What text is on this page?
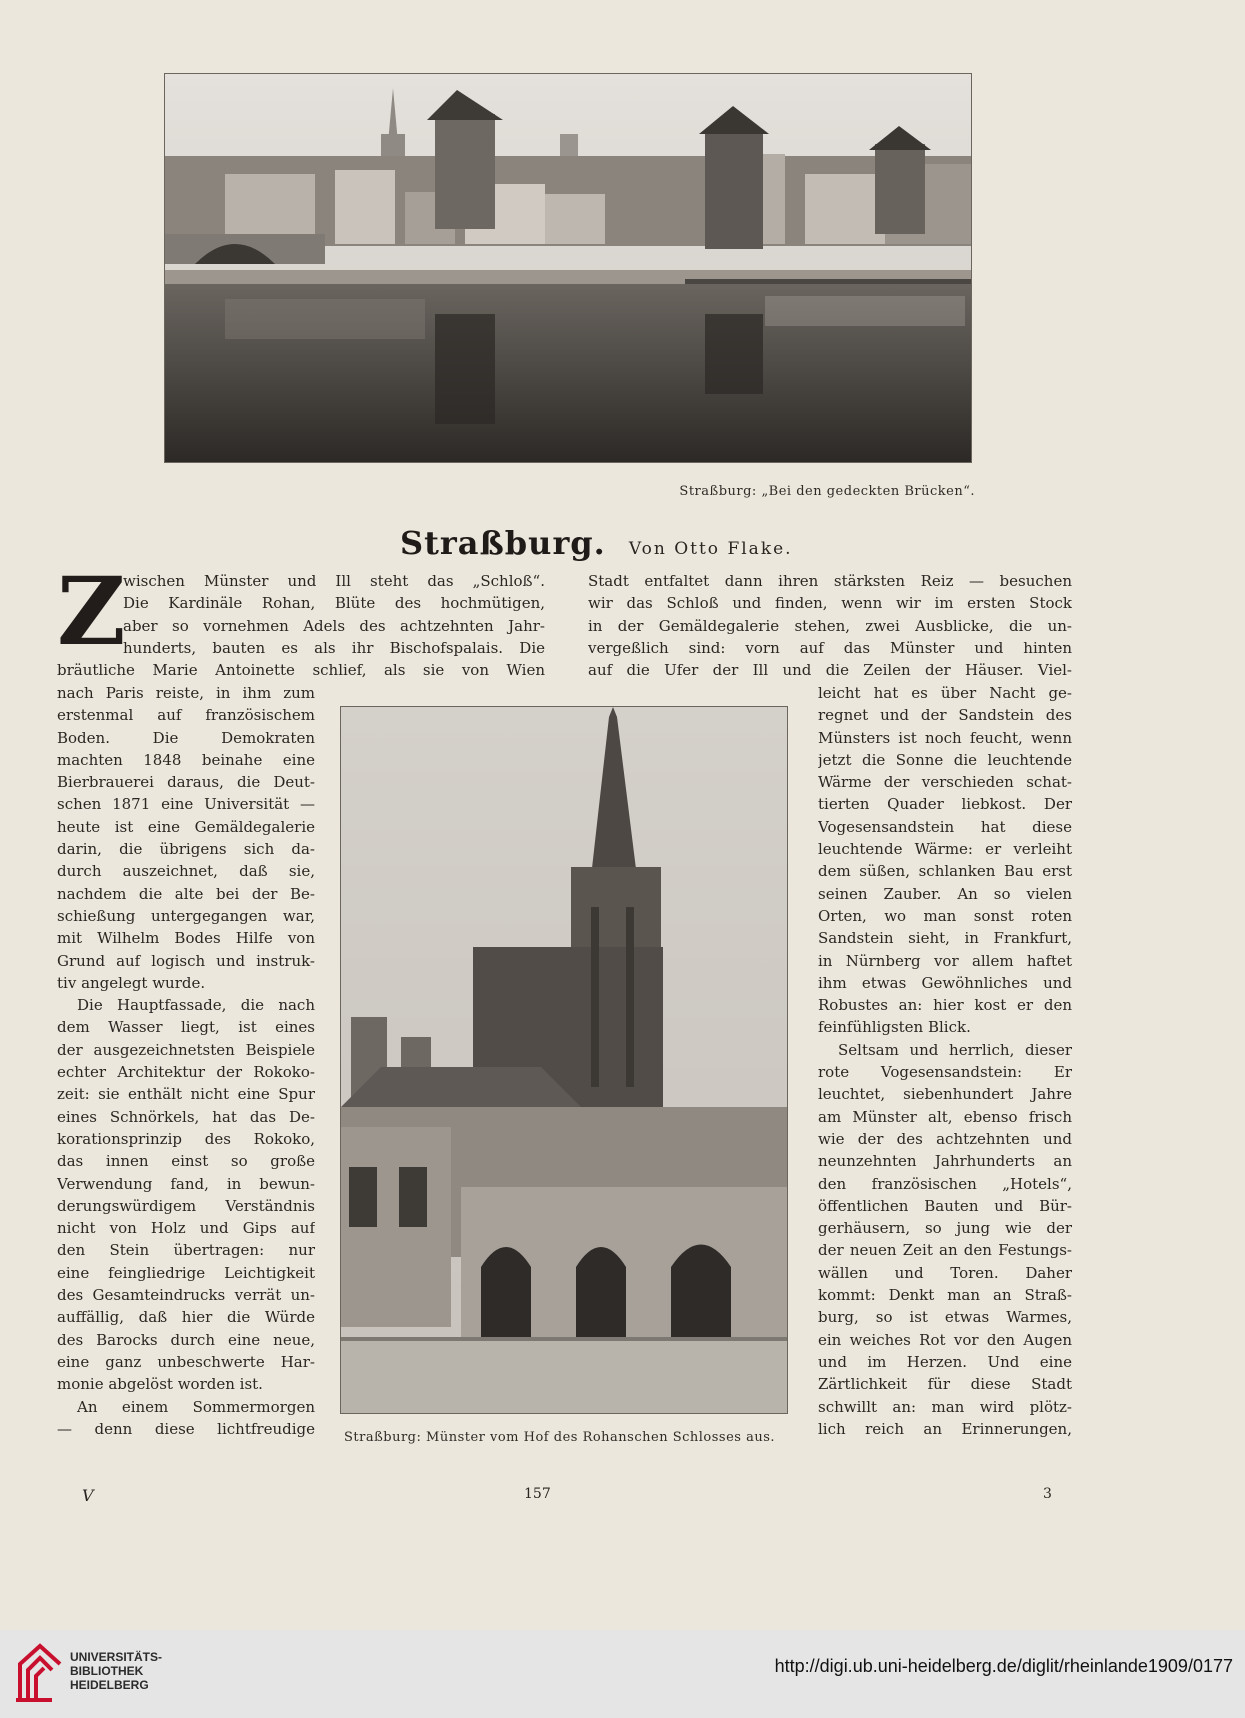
Straßburg: „Bei den gedeckten Brücken“.
Straßburg. Von Otto Flake.
Z
wischen Münster und Ill steht das „Schloß“.
Die Kardinäle Rohan, Blüte des hochmütigen,
aber so vornehmen Adels des achtzehnten Jahr-
hunderts, bauten es als ihr Bischofspalais. Die
bräutliche Marie Antoinette schlief, als sie von Wien
nach Paris reiste, in ihm zum
erstenmal auf französischem
Boden. Die Demokraten
machten 1848 beinahe eine
Bierbrauerei daraus, die Deut-
schen 1871 eine Universität —
heute ist eine Gemäldegalerie
darin, die übrigens sich da-
durch auszeichnet, daß sie,
nachdem die alte bei der Be-
schießung untergegangen war,
mit Wilhelm Bodes Hilfe von
Grund auf logisch und instruk-
tiv angelegt wurde.
Die Hauptfassade, die nach
dem Wasser liegt, ist eines
der ausgezeichnetsten Beispiele
echter Architektur der Rokoko-
zeit: sie enthält nicht eine Spur
eines Schnörkels, hat das De-
korationsprinzip des Rokoko,
das innen einst so große
Verwendung fand, in bewun-
derungswürdigem Verständnis
nicht von Holz und Gips auf
den Stein übertragen: nur
eine feingliedrige Leichtigkeit
des Gesamteindrucks verrät un-
auffällig, daß hier die Würde
des Barocks durch eine neue,
eine ganz unbeschwerte Har-
monie abgelöst worden ist.
An einem Sommermorgen
— denn diese lichtfreudige
Stadt entfaltet dann ihren stärksten Reiz — besuchen
wir das Schloß und finden, wenn wir im ersten Stock
in der Gemäldegalerie stehen, zwei Ausblicke, die un-
vergeßlich sind: vorn auf das Münster und hinten
auf die Ufer der Ill und die Zeilen der Häuser. Viel-
leicht hat es über Nacht ge-
regnet und der Sandstein des
Münsters ist noch feucht, wenn
jetzt die Sonne die leuchtende
Wärme der verschieden schat-
tierten Quader liebkost. Der
Vogesensandstein hat diese
leuchtende Wärme: er verleiht
dem süßen, schlanken Bau erst
seinen Zauber. An so vielen
Orten, wo man sonst roten
Sandstein sieht, in Frankfurt,
in Nürnberg vor allem haftet
ihm etwas Gewöhnliches und
Robustes an: hier kost er den
feinfühligsten Blick.
Seltsam und herrlich, dieser
rote Vogesensandstein: Er
leuchtet, siebenhundert Jahre
am Münster alt, ebenso frisch
wie der des achtzehnten und
neunzehnten Jahrhunderts an
den französischen „Hotels“,
öffentlichen Bauten und Bür-
gerhäusern, so jung wie der
der neuen Zeit an den Festungs-
wällen und Toren. Daher
kommt: Denkt man an Straß-
burg, so ist etwas Warmes,
ein weiches Rot vor den Augen
und im Herzen. Und eine
Zärtlichkeit für diese Stadt
schwillt an: man wird plötz-
lich reich an Erinnerungen,
Straßburg: Münster vom Hof des Rohanschen Schlosses aus.
V	157	3
UNIVERSITÄTS-
BIBLIOTHEK
HEIDELBERG
http://digi.ub.uni-heidelberg.de/diglit/rheinlande1909/0177
